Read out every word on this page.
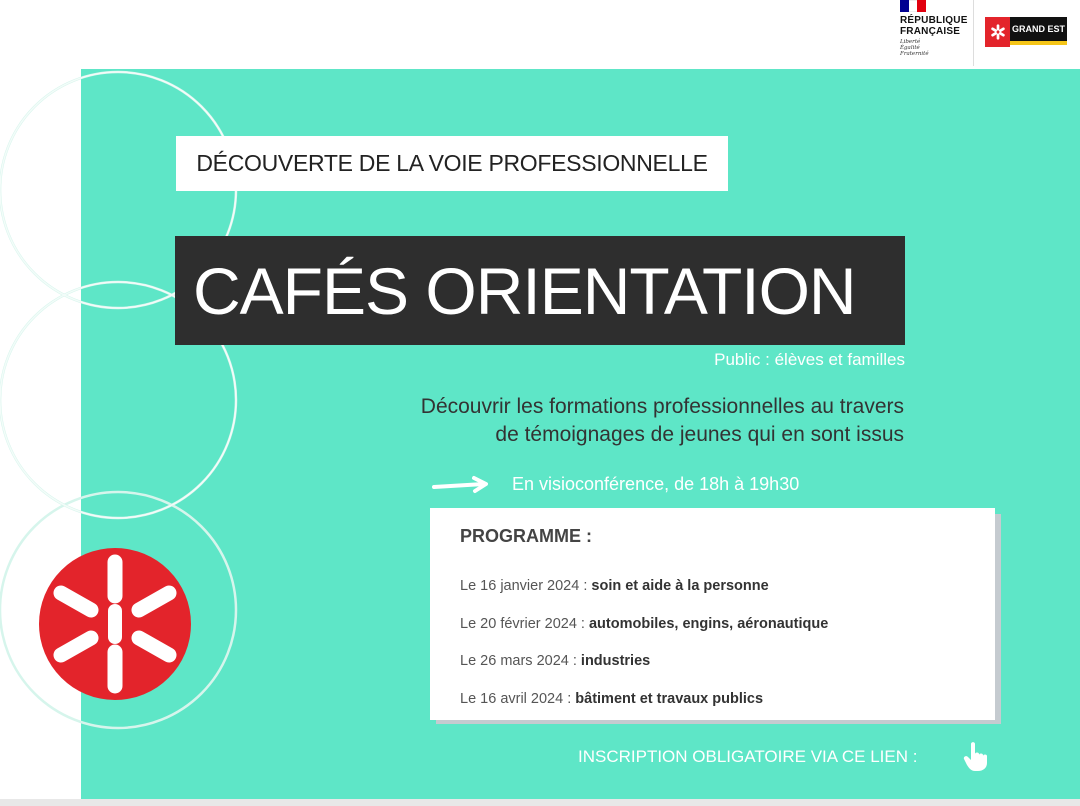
RÉPUBLIQUE
FRANÇAISE
Liberté
Égalité
Fraternité
GRAND EST
DÉCOUVERTE DE LA VOIE PROFESSIONNELLE
CAFÉS ORIENTATION
Public : élèves et familles
Découvrir les formations professionnelles au travers
de témoignages de jeunes qui en sont issus
En visioconférence, de 18h à 19h30
PROGRAMME :
Le 16 janvier 2024 : soin et aide à la personne
Le 20 février 2024 : automobiles, engins, aéronautique
Le 26 mars 2024 : industries
Le 16 avril 2024 : bâtiment et travaux publics
INSCRIPTION OBLIGATOIRE VIA CE LIEN :
